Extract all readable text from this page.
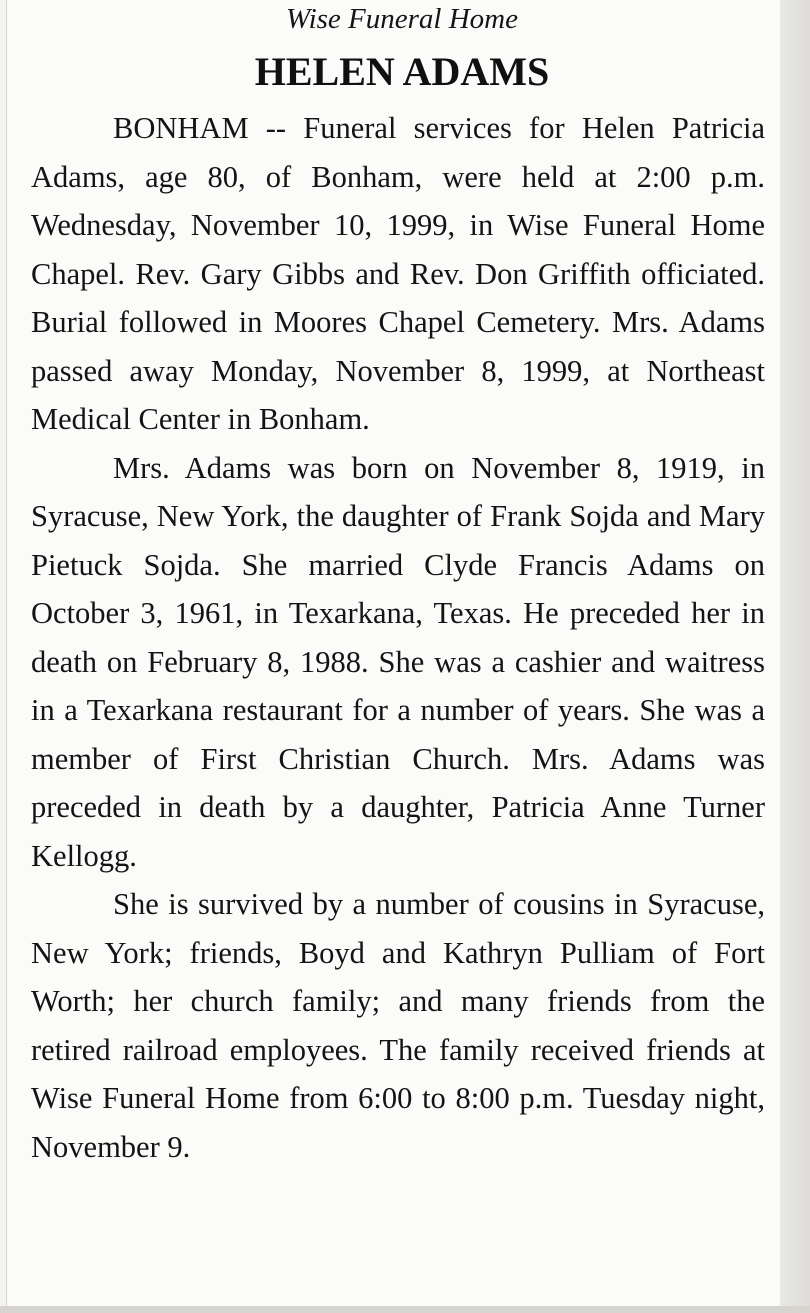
Wise Funeral Home
HELEN ADAMS

BONHAM -- Funeral services for Helen Patricia Adams, age 80, of Bonham, were held at 2:00 p.m. Wednesday, November 10, 1999, in Wise Funeral Home Chapel. Rev. Gary Gibbs and Rev. Don Griffith officiated. Burial followed in Moores Chapel Cemetery. Mrs. Adams passed away Monday, November 8, 1999, at Northeast Medical Center in Bonham.

Mrs. Adams was born on November 8, 1919, in Syracuse, New York, the daughter of Frank Sojda and Mary Pietuck Sojda. She married Clyde Francis Adams on October 3, 1961, in Texarkana, Texas. He preceded her in death on February 8, 1988. She was a cashier and waitress in a Texarkana restaurant for a number of years. She was a member of First Christian Church. Mrs. Adams was preceded in death by a daughter, Patricia Anne Turner Kellogg.

She is survived by a number of cousins in Syracuse, New York; friends, Boyd and Kathryn Pulliam of Fort Worth; her church family; and many friends from the retired railroad employees. The family received friends at Wise Funeral Home from 6:00 to 8:00 p.m. Tuesday night, November 9.
